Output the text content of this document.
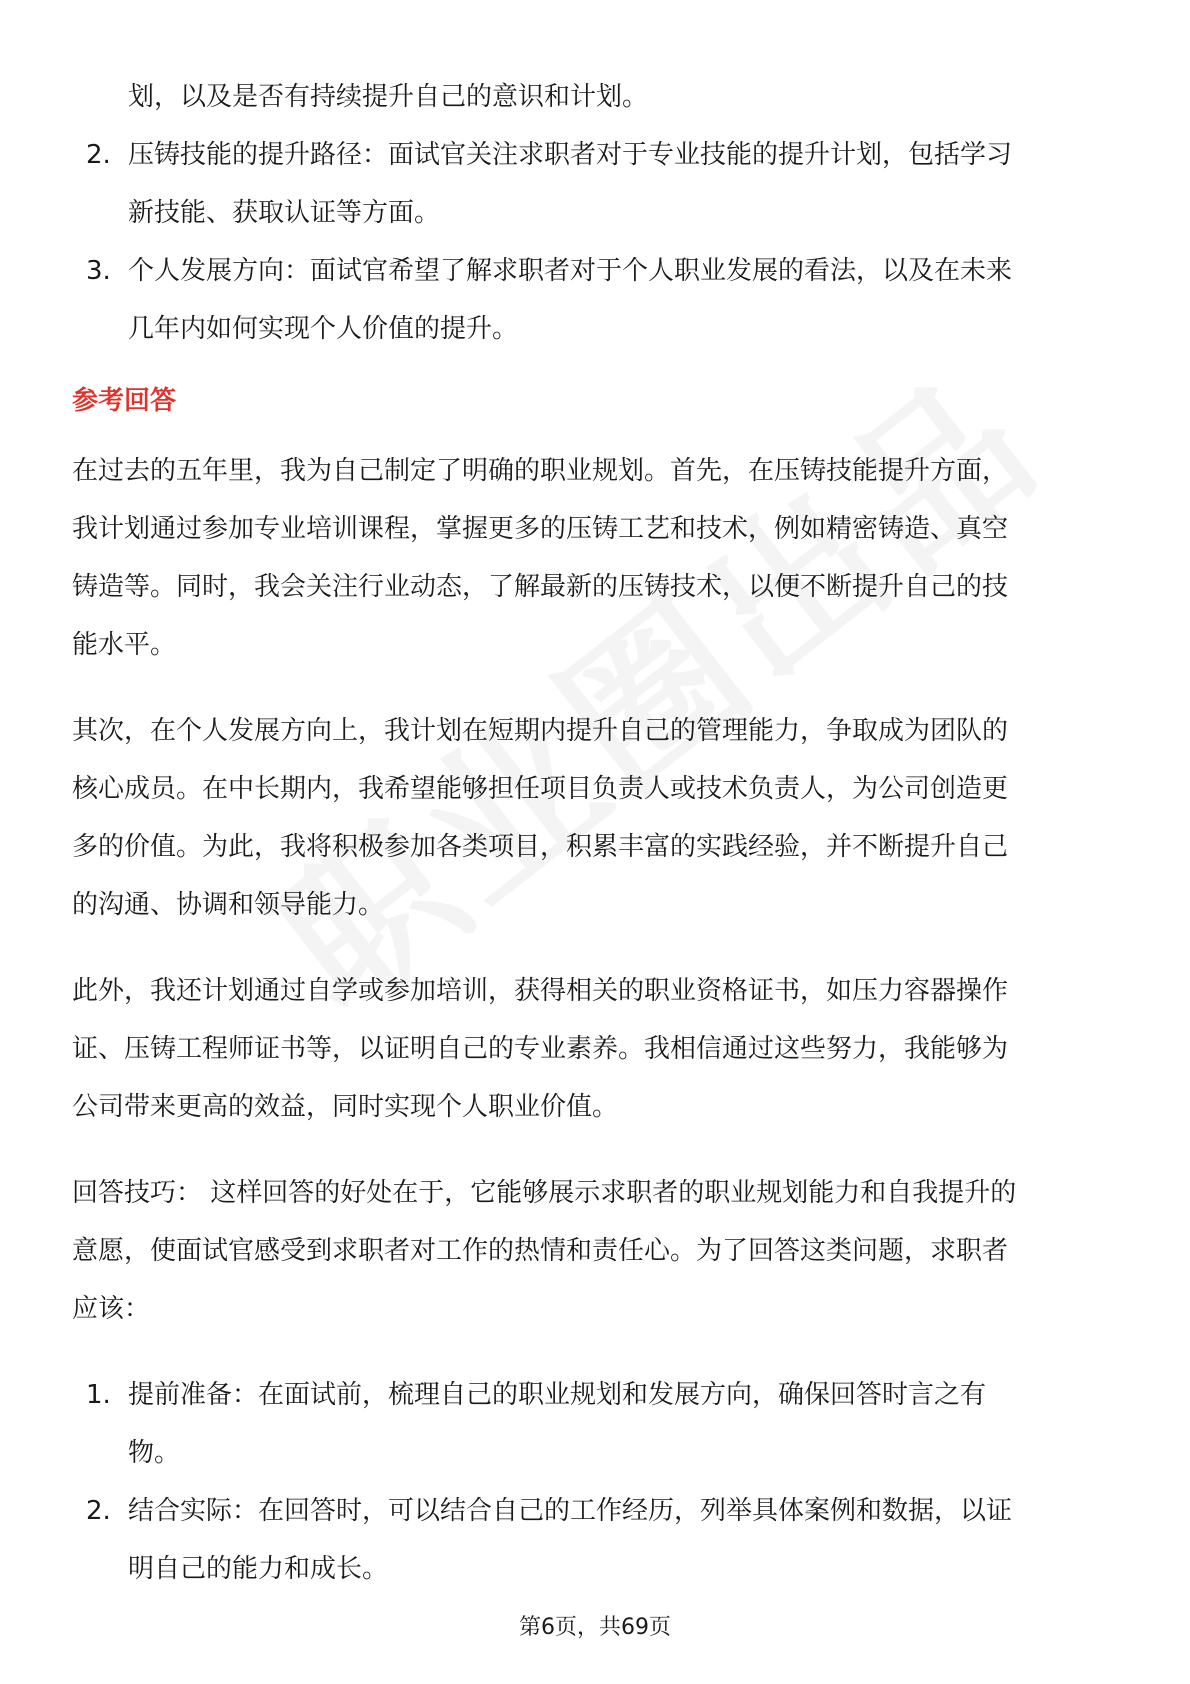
划，以及是否有持续提升自己的意识和计划。

2. 压铸技能的提升路径：面试官关注求职者对于专业技能的提升计划，包括学习

新技能、获取认证等方面。

3. 个人发展方向：面试官希望了解求职者对于个人职业发展的看法，以及在未来

几年内如何实现个人价值的提升。

参考回答
在过去的五年里，我为自己制定了明确的职业规划。首先，在压铸技能提升方面，
我计划通过参加专业培训课程，掌握更多的压铸工艺和技术，例如精密铸造、真空
铸造等。同时，我会关注行业动态，了解最新的压铸技术，以便不断提升自己的技
能水平。
其次，在个人发展方向上，我计划在短期内提升自己的管理能力，争取成为团队的
核心成员。在中长期内，我希望能够担任项目负责人或技术负责人，为公司创造更
多的价值。为此，我将积极参加各类项目，积累丰富的实践经验，并不断提升自己
的沟通、协调和领导能力。
此外，我还计划通过自学或参加培训，获得相关的职业资格证书，如压力容器操作
证、压铸工程师证书等，以证明自己的专业素养。我相信通过这些努力，我能够为
公司带来更高的效益，同时实现个人职业价值。
回答技巧： 这样回答的好处在于，它能够展示求职者的职业规划能力和自我提升的
意愿，使面试官感受到求职者对工作的热情和责任心。为了回答这类问题，求职者
应该：
1. 提前准备：在面试前，梳理自己的职业规划和发展方向，确保回答时言之有

物。

2. 结合实际：在回答时，可以结合自己的工作经历，列举具体案例和数据，以证

明自己的能力和成长。

第6页，共69页
